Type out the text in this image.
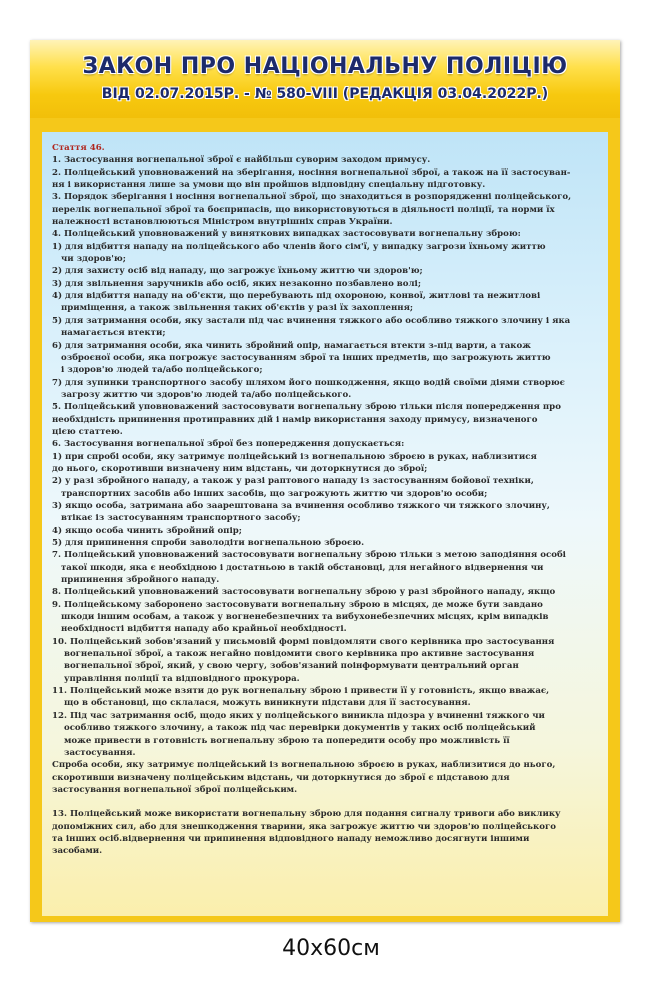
ЗАКОН ПРО НАЦІОНАЛЬНУ ПОЛІЦІЮ
ВІД 02.07.2015Р. - № 580-VIII (РЕДАКЦІЯ 03.04.2022Р.)

Стаття 46.

1. Застосування вогнепальної зброї є найбільш суворим заходом примусу.

2. Поліцейський уповноважений на зберігання, носіння вогнепальної зброї, а також на її застосуван-

ня і використання лише за умови що він пройшов відповідну спеціальну підготовку.

3. Порядок зберігання і носіння вогнепальної зброї, що знаходиться в розпорядженні поліцейського,

перелік вогнепальної зброї та боєприпасів, що використовуються в діяльності поліції, та норми їх

належності встановлюються Міністром внутрішніх справ України.

4. Поліцейський уповноважений у винятковиx випадках застосовувати вогнепальну зброю:

1) для відбиття нападу на поліцейського або членів його сім'ї, у випадку загрози їхньому життю

чи здоров'ю;

2) для захисту осіб від нападу, що загрожує їхньому життю чи здоров'ю;

3) для звільнення заручників або осіб, яких незаконно позбавлено волі;

4) для відбиття нападу на об'єкти, що перебувають під охороною, конвої, житлові та нежитлові

приміщення, а також звільнення таких об'єктів у разі їх захоплення;

5) для затримання особи, яку застали під час вчинення тяжкого або особливо тяжкого злочину і яка

намагається втекти;

6) для затримання особи, яка чинить збройний опір, намагається втекти з-під варти, а також

озброєної особи, яка погрожує застосуванням зброї та інших предметів, що загрожують життю

і здоров'ю людей та/або поліцейського;

7) для зупинки транспортного засобу шляхом його пошкодження, якщо водій своїми діями створює

загрозу життю чи здоров'ю людей та/або поліцейського.

5. Поліцейський уповноважений застосовувати вогнепальну зброю тільки після попередження про

необхідність припинення протиправних дій і намір використання заходу примусу, визначеного

цією статтею.

6. Застосування вогнепальної зброї без попередження допускається:

1) при спробі особи, яку затримує поліцейський із вогнепальною зброєю в руках, наблизитися

до нього, скоротивши визначену ним відстань, чи доторкнутися до зброї;

2) у разі збройного нападу, а також у разі раптового нападу із застосуванням бойової техніки,

транспортних засобів або інших засобів, що загрожують життю чи здоров'ю особи;

3) якщо особа, затримана або заарештована за вчинення особливо тяжкого чи тяжкого злочину,

втікає із застосуванням транспортного засобу;

4) якщо особа чинить збройний опір;

5) для припинення спроби заволодіти вогнепальною зброєю.

7. Поліцейський уповноважений застосовувати вогнепальну зброю тільки з метою заподіяння особі

такої шкоди, яка є необхідною і достатньою в такій обстановці, для негайного відвернення чи

припинення збройного нападу.

8. Поліцейський уповноважений застосовувати вогнепальну зброю у разі збройного нападу, якщо

9. Поліцейському заборонено застосовувати вогнепальну зброю в місцях, де може бути завдано

шкоди іншим особам, а також у вогненебезпечних та вибухонебезпечних місцях, крім випадків

необхідності відбиття нападу або крайньої необхідності.

10. Поліцейський зобов'язаний у письмовій формі повідомляти свого керівника про застосування

вогнепальної зброї, а також негайно повідомити свого керівника про активне застосування

вогнепальної зброї, який, у свою чергу, зобов'язаний поінформувати центральний орган

управління поліції та відповідного прокурора.

11. Поліцейський може взяти до рук вогнепальну зброю і привести її у готовність, якщо вважає,

що в обстановці, що склалася, можуть виникнути підстави для її застосування.

12. Під час затримання осіб, щодо яких у поліцейського виникла підозра у вчиненні тяжкого чи

особливо тяжкого злочину, а також під час перевірки документів у таких осіб поліцейський

може привести в готовність вогнепальну зброю та попередити особу про можливість її

застосування.

Спроба особи, яку затримує поліцейський із вогнепальною зброєю в руках, наблизитися до нього,

скоротивши визначену поліцейським відстань, чи доторкнутися до зброї є підставою для

застосування вогнепальної зброї поліцейським.

13. Поліцейський може використати вогнепальну зброю для подання сигналу тривоги або виклику

допоміжних сил, або для знешкодження тварини, яка загрожує життю чи здоров'ю поліцейського

та інших осіб.відвернення чи припинення відповідного нападу неможливо досягнути іншими

засобами.

40х60см
